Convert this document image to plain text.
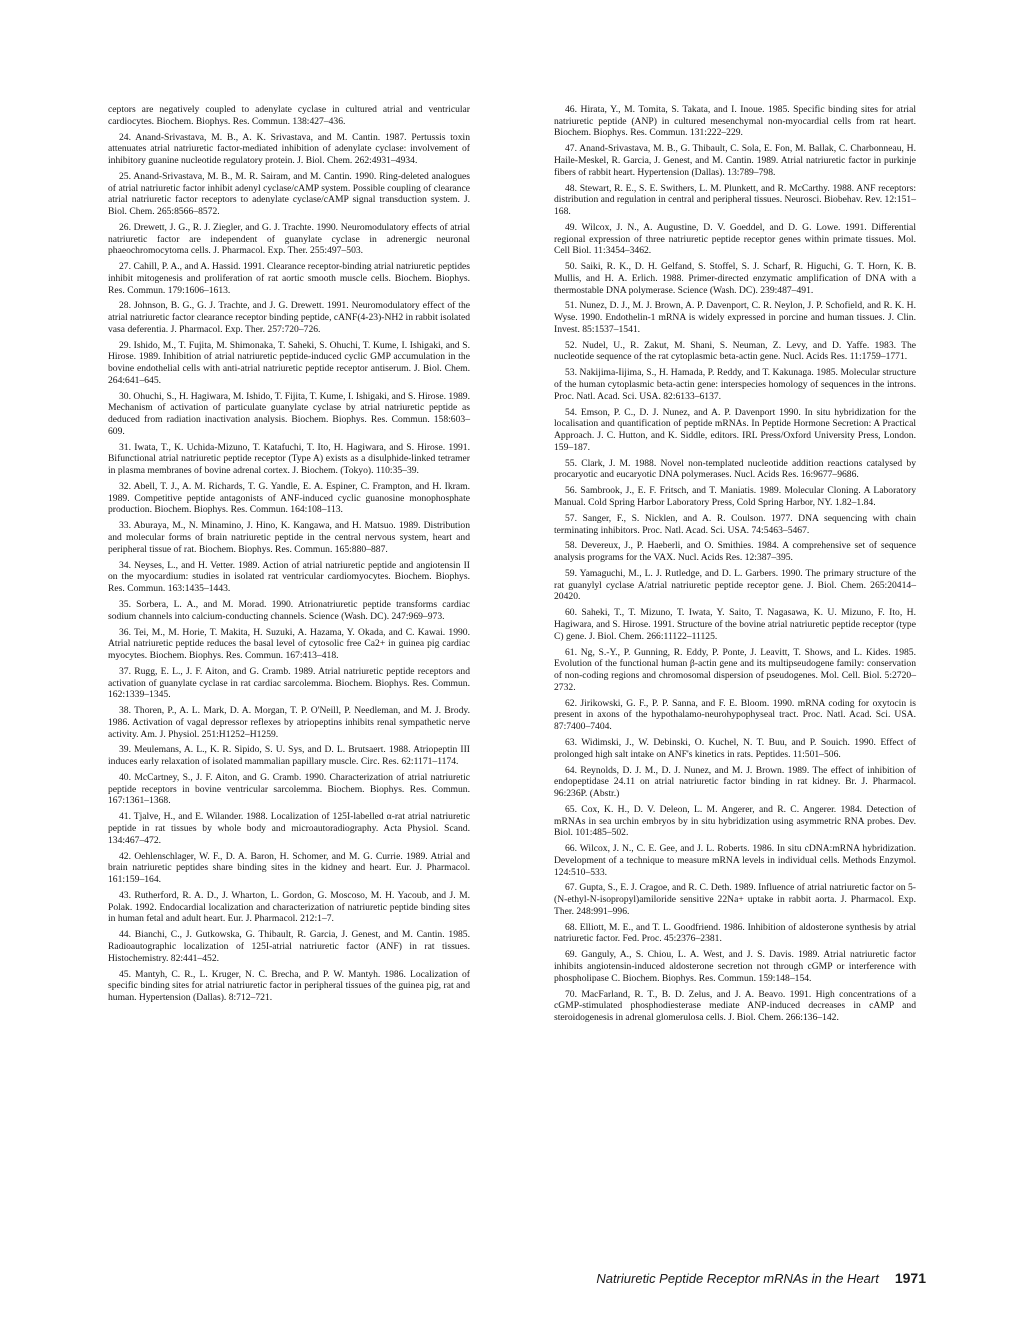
ceptors are negatively coupled to adenylate cyclase in cultured atrial and ventricular cardiocytes. Biochem. Biophys. Res. Commun. 138:427–436.

24. Anand-Srivastava, M. B., A. K. Srivastava, and M. Cantin. 1987. Pertussis toxin attenuates atrial natriuretic factor-mediated inhibition of adenylate cyclase: involvement of inhibitory guanine nucleotide regulatory protein. J. Biol. Chem. 262:4931–4934.

25. Anand-Srivastava, M. B., M. R. Sairam, and M. Cantin. 1990. Ring-deleted analogues of atrial natriuretic factor inhibit adenyl cyclase/cAMP system. Possible coupling of clearance atrial natriuretic factor receptors to adenylate cyclase/cAMP signal transduction system. J. Biol. Chem. 265:8566–8572.

26. Drewett, J. G., R. J. Ziegler, and G. J. Trachte. 1990. Neuromodulatory effects of atrial natriuretic factor are independent of guanylate cyclase in adrenergic neuronal phaeochromocytoma cells. J. Pharmacol. Exp. Ther. 255:497–503.

27. Cahill, P. A., and A. Hassid. 1991. Clearance receptor-binding atrial natriuretic peptides inhibit mitogenesis and proliferation of rat aortic smooth muscle cells. Biochem. Biophys. Res. Commun. 179:1606–1613.

28. Johnson, B. G., G. J. Trachte, and J. G. Drewett. 1991. Neuromodulatory effect of the atrial natriuretic factor clearance receptor binding peptide, cANF(4-23)-NH2 in rabbit isolated vasa deferentia. J. Pharmacol. Exp. Ther. 257:720–726.

29. Ishido, M., T. Fujita, M. Shimonaka, T. Saheki, S. Ohuchi, T. Kume, I. Ishigaki, and S. Hirose. 1989. Inhibition of atrial natriuretic peptide-induced cyclic GMP accumulation in the bovine endothelial cells with anti-atrial natriuretic peptide receptor antiserum. J. Biol. Chem. 264:641–645.

30. Ohuchi, S., H. Hagiwara, M. Ishido, T. Fijita, T. Kume, I. Ishigaki, and S. Hirose. 1989. Mechanism of activation of particulate guanylate cyclase by atrial natriuretic peptide as deduced from radiation inactivation analysis. Biochem. Biophys. Res. Commun. 158:603–609.

31. Iwata, T., K. Uchida-Mizuno, T. Katafuchi, T. Ito, H. Hagiwara, and S. Hirose. 1991. Bifunctional atrial natriuretic peptide receptor (Type A) exists as a disulphide-linked tetramer in plasma membranes of bovine adrenal cortex. J. Biochem. (Tokyo). 110:35–39.

32. Abell, T. J., A. M. Richards, T. G. Yandle, E. A. Espiner, C. Frampton, and H. Ikram. 1989. Competitive peptide antagonists of ANF-induced cyclic guanosine monophosphate production. Biochem. Biophys. Res. Commun. 164:108–113.

33. Aburaya, M., N. Minamino, J. Hino, K. Kangawa, and H. Matsuo. 1989. Distribution and molecular forms of brain natriuretic peptide in the central nervous system, heart and peripheral tissue of rat. Biochem. Biophys. Res. Commun. 165:880–887.

34. Neyses, L., and H. Vetter. 1989. Action of atrial natriuretic peptide and angiotensin II on the myocardium: studies in isolated rat ventricular cardiomyocytes. Biochem. Biophys. Res. Commun. 163:1435–1443.

35. Sorbera, L. A., and M. Morad. 1990. Atrionatriuretic peptide transforms cardiac sodium channels into calcium-conducting channels. Science (Wash. DC). 247:969–973.

36. Tei, M., M. Horie, T. Makita, H. Suzuki, A. Hazama, Y. Okada, and C. Kawai. 1990. Atrial natriuretic peptide reduces the basal level of cytosolic free Ca2+ in guinea pig cardiac myocytes. Biochem. Biophys. Res. Commun. 167:413–418.

37. Rugg, E. L., J. F. Aiton, and G. Cramb. 1989. Atrial natriuretic peptide receptors and activation of guanylate cyclase in rat cardiac sarcolemma. Biochem. Biophys. Res. Commun. 162:1339–1345.

38. Thoren, P., A. L. Mark, D. A. Morgan, T. P. O'Neill, P. Needleman, and M. J. Brody. 1986. Activation of vagal depressor reflexes by atriopeptins inhibits renal sympathetic nerve activity. Am. J. Physiol. 251:H1252–H1259.

39. Meulemans, A. L., K. R. Sipido, S. U. Sys, and D. L. Brutsaert. 1988. Atriopeptin III induces early relaxation of isolated mammalian papillary muscle. Circ. Res. 62:1171–1174.

40. McCartney, S., J. F. Aiton, and G. Cramb. 1990. Characterization of atrial natriuretic peptide receptors in bovine ventricular sarcolemma. Biochem. Biophys. Res. Commun. 167:1361–1368.

41. Tjalve, H., and E. Wilander. 1988. Localization of 125I-labelled α-rat atrial natriuretic peptide in rat tissues by whole body and microautoradiography. Acta Physiol. Scand. 134:467–472.

42. Oehlenschlager, W. F., D. A. Baron, H. Schomer, and M. G. Currie. 1989. Atrial and brain natriuretic peptides share binding sites in the kidney and heart. Eur. J. Pharmacol. 161:159–164.

43. Rutherford, R. A. D., J. Wharton, L. Gordon, G. Moscoso, M. H. Yacoub, and J. M. Polak. 1992. Endocardial localization and characterization of natriuretic peptide binding sites in human fetal and adult heart. Eur. J. Pharmacol. 212:1–7.

44. Bianchi, C., J. Gutkowska, G. Thibault, R. Garcia, J. Genest, and M. Cantin. 1985. Radioautographic localization of 125I-atrial natriuretic factor (ANF) in rat tissues. Histochemistry. 82:441–452.

45. Mantyh, C. R., L. Kruger, N. C. Brecha, and P. W. Mantyh. 1986. Localization of specific binding sites for atrial natriuretic factor in peripheral tissues of the guinea pig, rat and human. Hypertension (Dallas). 8:712–721.

46. Hirata, Y., M. Tomita, S. Takata, and I. Inoue. 1985. Specific binding sites for atrial natriuretic peptide (ANP) in cultured mesenchymal non-myocardial cells from rat heart. Biochem. Biophys. Res. Commun. 131:222–229.

47. Anand-Srivastava, M. B., G. Thibault, C. Sola, E. Fon, M. Ballak, C. Charbonneau, H. Haile-Meskel, R. Garcia, J. Genest, and M. Cantin. 1989. Atrial natriuretic factor in purkinje fibers of rabbit heart. Hypertension (Dallas). 13:789–798.

48. Stewart, R. E., S. E. Swithers, L. M. Plunkett, and R. McCarthy. 1988. ANF receptors: distribution and regulation in central and peripheral tissues. Neurosci. Biobehav. Rev. 12:151–168.

49. Wilcox, J. N., A. Augustine, D. V. Goeddel, and D. G. Lowe. 1991. Differential regional expression of three natriuretic peptide receptor genes within primate tissues. Mol. Cell Biol. 11:3454–3462.

50. Saiki, R. K., D. H. Gelfand, S. Stoffel, S. J. Scharf, R. Higuchi, G. T. Horn, K. B. Mullis, and H. A. Erlich. 1988. Primer-directed enzymatic amplification of DNA with a thermostable DNA polymerase. Science (Wash. DC). 239:487–491.

51. Nunez, D. J., M. J. Brown, A. P. Davenport, C. R. Neylon, J. P. Schofield, and R. K. H. Wyse. 1990. Endothelin-1 mRNA is widely expressed in porcine and human tissues. J. Clin. Invest. 85:1537–1541.

52. Nudel, U., R. Zakut, M. Shani, S. Neuman, Z. Levy, and D. Yaffe. 1983. The nucleotide sequence of the rat cytoplasmic beta-actin gene. Nucl. Acids Res. 11:1759–1771.

53. Nakijima-Iijima, S., H. Hamada, P. Reddy, and T. Kakunaga. 1985. Molecular structure of the human cytoplasmic beta-actin gene: interspecies homology of sequences in the introns. Proc. Natl. Acad. Sci. USA. 82:6133–6137.

54. Emson, P. C., D. J. Nunez, and A. P. Davenport 1990. In situ hybridization for the localisation and quantification of peptide mRNAs. In Peptide Hormone Secretion: A Practical Approach. J. C. Hutton, and K. Siddle, editors. IRL Press/Oxford University Press, London. 159–187.

55. Clark, J. M. 1988. Novel non-templated nucleotide addition reactions catalysed by procaryotic and eucaryotic DNA polymerases. Nucl. Acids Res. 16:9677–9686.

56. Sambrook, J., E. F. Fritsch, and T. Maniatis. 1989. Molecular Cloning. A Laboratory Manual. Cold Spring Harbor Laboratory Press, Cold Spring Harbor, NY. 1.82–1.84.

57. Sanger, F., S. Nicklen, and A. R. Coulson. 1977. DNA sequencing with chain terminating inhibitors. Proc. Natl. Acad. Sci. USA. 74:5463–5467.

58. Devereux, J., P. Haeberli, and O. Smithies. 1984. A comprehensive set of sequence analysis programs for the VAX. Nucl. Acids Res. 12:387–395.

59. Yamaguchi, M., L. J. Rutledge, and D. L. Garbers. 1990. The primary structure of the rat guanylyl cyclase A/atrial natriuretic peptide receptor gene. J. Biol. Chem. 265:20414–20420.

60. Saheki, T., T. Mizuno, T. Iwata, Y. Saito, T. Nagasawa, K. U. Mizuno, F. Ito, H. Hagiwara, and S. Hirose. 1991. Structure of the bovine atrial natriuretic peptide receptor (type C) gene. J. Biol. Chem. 266:11122–11125.

61. Ng, S.-Y., P. Gunning, R. Eddy, P. Ponte, J. Leavitt, T. Shows, and L. Kides. 1985. Evolution of the functional human β-actin gene and its multipseudogene family: conservation of non-coding regions and chromosomal dispersion of pseudogenes. Mol. Cell. Biol. 5:2720–2732.

62. Jirikowski, G. F., P. P. Sanna, and F. E. Bloom. 1990. mRNA coding for oxytocin is present in axons of the hypothalamo-neurohypophyseal tract. Proc. Natl. Acad. Sci. USA. 87:7400–7404.

63. Widimski, J., W. Debinski, O. Kuchel, N. T. Buu, and P. Souich. 1990. Effect of prolonged high salt intake on ANF's kinetics in rats. Peptides. 11:501–506.

64. Reynolds, D. J. M., D. J. Nunez, and M. J. Brown. 1989. The effect of inhibition of endopeptidase 24.11 on atrial natriuretic factor binding in rat kidney. Br. J. Pharmacol. 96:236P. (Abstr.)

65. Cox, K. H., D. V. Deleon, L. M. Angerer, and R. C. Angerer. 1984. Detection of mRNAs in sea urchin embryos by in situ hybridization using asymmetric RNA probes. Dev. Biol. 101:485–502.

66. Wilcox, J. N., C. E. Gee, and J. L. Roberts. 1986. In situ cDNA:mRNA hybridization. Development of a technique to measure mRNA levels in individual cells. Methods Enzymol. 124:510–533.

67. Gupta, S., E. J. Cragoe, and R. C. Deth. 1989. Influence of atrial natriuretic factor on 5-(N-ethyl-N-isopropyl)amiloride sensitive 22Na+ uptake in rabbit aorta. J. Pharmacol. Exp. Ther. 248:991–996.

68. Elliott, M. E., and T. L. Goodfriend. 1986. Inhibition of aldosterone synthesis by atrial natriuretic factor. Fed. Proc. 45:2376–2381.

69. Ganguly, A., S. Chiou, L. A. West, and J. S. Davis. 1989. Atrial natriuretic factor inhibits angiotensin-induced aldosterone secretion not through cGMP or interference with phospholipase C. Biochem. Biophys. Res. Commun. 159:148–154.

70. MacFarland, R. T., B. D. Zelus, and J. A. Beavo. 1991. High concentrations of a cGMP-stimulated phosphodiesterase mediate ANP-induced decreases in cAMP and steroidogenesis in adrenal glomerulosa cells. J. Biol. Chem. 266:136–142.

Natriuretic Peptide Receptor mRNAs in the Heart 1971
